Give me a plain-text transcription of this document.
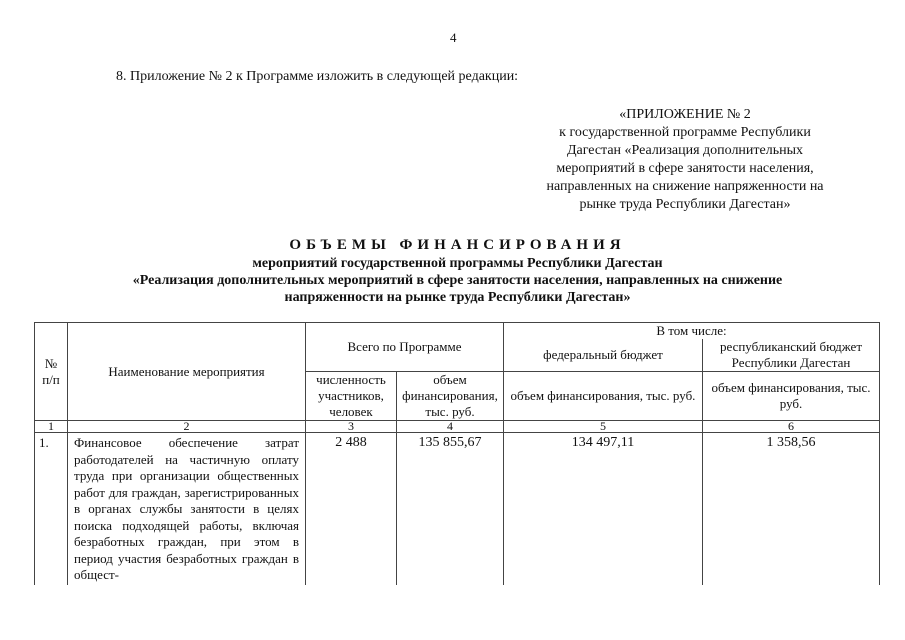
4
8. Приложение № 2 к Программе изложить в следующей редакции:
«ПРИЛОЖЕНИЕ № 2
к государственной программе Республики
Дагестан «Реализация дополнительных
мероприятий в сфере занятости населения,
направленных на снижение напряженности на
рынке труда Республики Дагестан»
ОБЪЕМЫ ФИНАНСИРОВАНИЯ
мероприятий государственной программы Республики Дагестан
«Реализация дополнительных мероприятий в сфере занятости населения, направленных на снижение
напряженности на рынке труда Республики Дагестан»
№ п/п	Наименование мероприятия	Всего по Программе		В том числе:	
				федеральный бюджет	республиканский бюджет Республики Дагестан
		численность участников, человек	объем финансирования, тыс. руб.	объем финансирования, тыс. руб.	объем финансирования, тыс. руб.
1	2	3	4	5	6
1.	Финансовое обеспечение затрат работодателей на частичную оплату труда при организации общественных работ для граждан, зарегистрированных в органах службы занятости в целях поиска подходящей работы, включая безработных граждан, при этом в период участия безработных граждан в общест-	2 488	135 855,67	134 497,11	1 358,56
